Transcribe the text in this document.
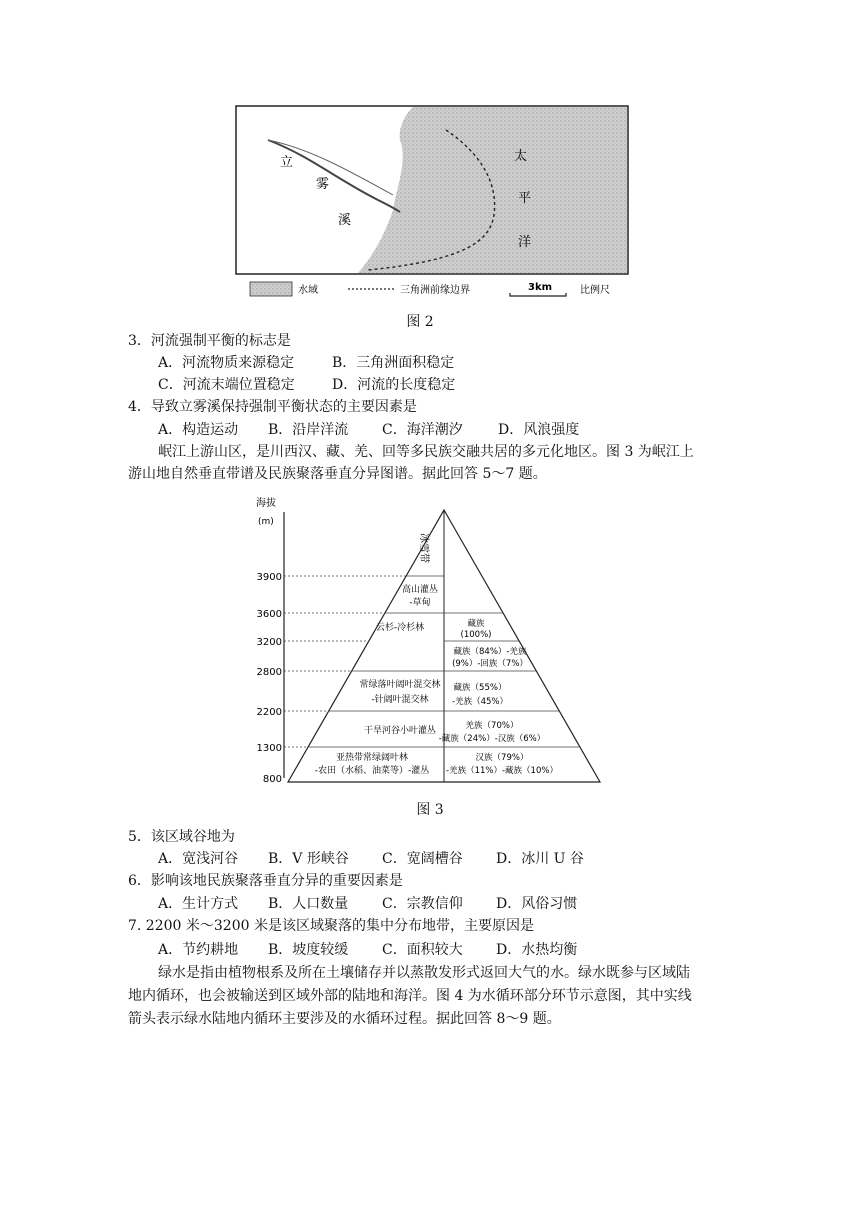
立
雾
溪
太
平
洋
水域	三角洲前缘边界	3km	比例尺
图 2
3．河流强制平衡的标志是
A．河流物质来源稳定	B．三角洲面积稳定
C．河流末端位置稳定	D．河流的长度稳定
4．导致立雾溪保持强制平衡状态的主要因素是
A．构造运动 B．沿岸洋流 C．海洋潮汐	D．风浪强度
岷江上游山区，是川西汉、藏、羌、回等多民族交融共居的多元化地区。图 3 为岷江上
游山地自然垂直带谱及民族聚落垂直分异图谱。据此回答 5～7 题。
海拔
(m)
3900
3600
3200
2800
2200
1300
800
冰雪带
高山灌丛
-草甸
云杉-冷杉林
常绿落叶阔叶混交林
-针阔叶混交林
干旱河谷小叶灌丛
亚热带常绿阔叶林
-农田（水稻、油菜等）-灌丛
藏族
(100%)
藏族（84%）-羌族
(9%）-回族（7%）
藏族（55%）
-羌族（45%）
羌族（70%）
-藏族（24%）-汉族（6%）
汉族（79%）
-羌族（11%）-藏族（10%）
图 3
5．该区域谷地为
A．宽浅河谷 B．V 形峡谷 C．宽阔槽谷 D．冰川 U 谷
6．影响该地民族聚落垂直分异的重要因素是
A．生计方式 B．人口数量 C．宗教信仰 D．风俗习惯
7. 2200 米～3200 米是该区域聚落的集中分布地带，主要原因是
A．节约耕地 B．坡度较缓 C．面积较大 D．水热均衡
绿水是指由植物根系及所在土壤储存并以蒸散发形式返回大气的水。绿水既参与区域陆
地内循环，也会被输送到区域外部的陆地和海洋。图 4 为水循环部分环节示意图，其中实线
箭头表示绿水陆地内循环主要涉及的水循环过程。据此回答 8～9 题。
